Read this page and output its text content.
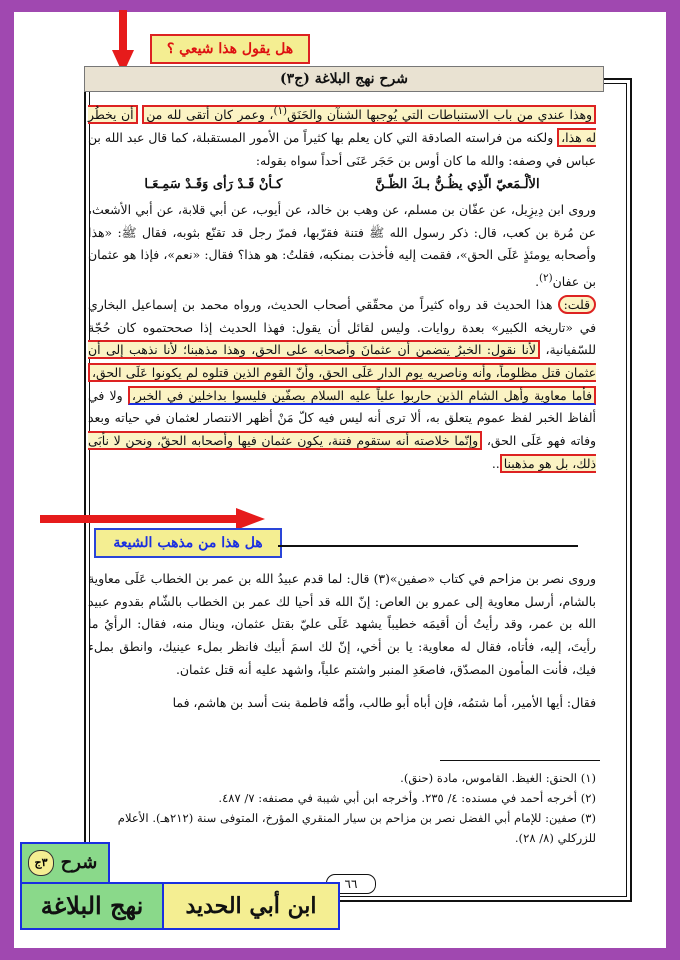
هل يقول هذا شيعي ؟
شرح نهج البلاغة (ج٣)

وهذا عندي من باب الاستنباطات التي يُوجبها الشنآن والحَنَق$^{(١)}$، وعمر كان أتقى لله من أن يخطُر له هذا، ولكنه من فراسته الصادقة التي كان يعلم بها كثيراً من الأمور المستقبلة، كما قال عبد الله بن عباس في وصفه: والله ما كان أوس بن حَجَر عَنَى أحداً سواه بقوله:

الألْـمَعيّ الّذِي يظُـنُّ بـكَ الظّـنَّ
كـأنْ قَـدْ رَأى وَقَـدْ سَمِـعَـا

وروى ابن دِيزِيل، عن عفّان بن مسلم، عن وهب بن خالد، عن أيوب، عن أبي قلابة، عن أبي الأشعث، عن مُرة بن كعب، قال: ذكر رسول الله ﷺ فتنة فقرّبها، فمرّ رجل قد تقنّع بثوبه، فقال ﷺ: «هذا وأصحابه يومئذٍ عَلَى الحق»، فقمت إليه فأخذت بمنكبه، فقلتُ: هو هذا؟ فقال: «نعم»، فإذا هو عثمان بن عفان$^{(٢)}$.

قلت: هذا الحديث قد رواه كثيراً من محقّقي أصحاب الحديث، ورواه محمد بن إسماعيل البخاري في «تاريخه الكبير» بعدة روايات. وليس لقائل أن يقول: فهذا الحديث إذا صححتموه كان حُجّة للسّفيانية، لأنا نقول: الخبرُ يتضمن أن عثمانَ وأصحابه على الحق، وهذا مذهبنا؛ لأنا نذهب إلى أن عثمان قتل مظلوماً، وأنه وناصريه يوم الدار عَلَى الحق، وأنّ القوم الذين قتلوه لم يكونوا عَلَى الحق، فأما معاوية وأهل الشام الذين حاربوا علياً عليه السلام بصفّين فليسوا بداخلين في الخبر، ولا في ألفاظ الخبر لفظ عموم يتعلق به، ألا ترى أنه ليس فيه كلّ مَنْ أظهر الانتصار لعثمان في حياته وبعد وفاته فهو عَلَى الحق، وإنّما خلاصته أنه ستقوم فتنة، يكون عثمان فيها وأصحابه الحقّ، ونحن لا نأبَى ذلك، بل هو مذهبنا..

هل هذا من مذهب الشيعة

وروى نصر بن مزاحم في كتاب «صفين»(٣) قال: لما قدم عبيدُ الله بن عمر بن الخطاب عَلَى معاوية بالشام، أرسل معاوية إلى عمرو بن العاص: إنّ الله قد أحيا لك عمر بن الخطاب بالشّام بقدوم عبيد الله بن عمر، وقد رأيتُ أن أقيمَه خطيباً يشهد عَلَى عليّ بقتل عثمان، وينال منه، فقال: الرأيُ ما رأيتَ، إليه، فأتاه، فقال له معاوية: يا بن أخي، إنّ لك اسمَ أبيك فانظر بملء عينيك، وانطق بملء فيك، فأنت المأمون المصدّق، فاصعَدِ المنبر واشتم علياً، واشهد عليه أنه قتل عثمان.

فقال: أيها الأمير، أما شتمُه، فإن أباه أبو طالب، وأمّه فاطمة بنت أسد بن هاشم، فما

(١) الحنق: الغيظ. القاموس، مادة (حنق).

(٢) أخرجه أحمد في مسنده: ٤/ ٢٣٥. وأخرجه ابن أبي شيبة في مصنفه: ٧/ ٤٨٧.

(٣) صفين: للإمام أبي الفضل نصر بن مزاحم بن سيار المنقري المؤرخ، المتوفى سنة (٢١٢هـ). الأعلام للزركلي (٨/ ٢٨).

٦٦
٣ج شرح
نهج البلاغة	ابن أبي الحديد
